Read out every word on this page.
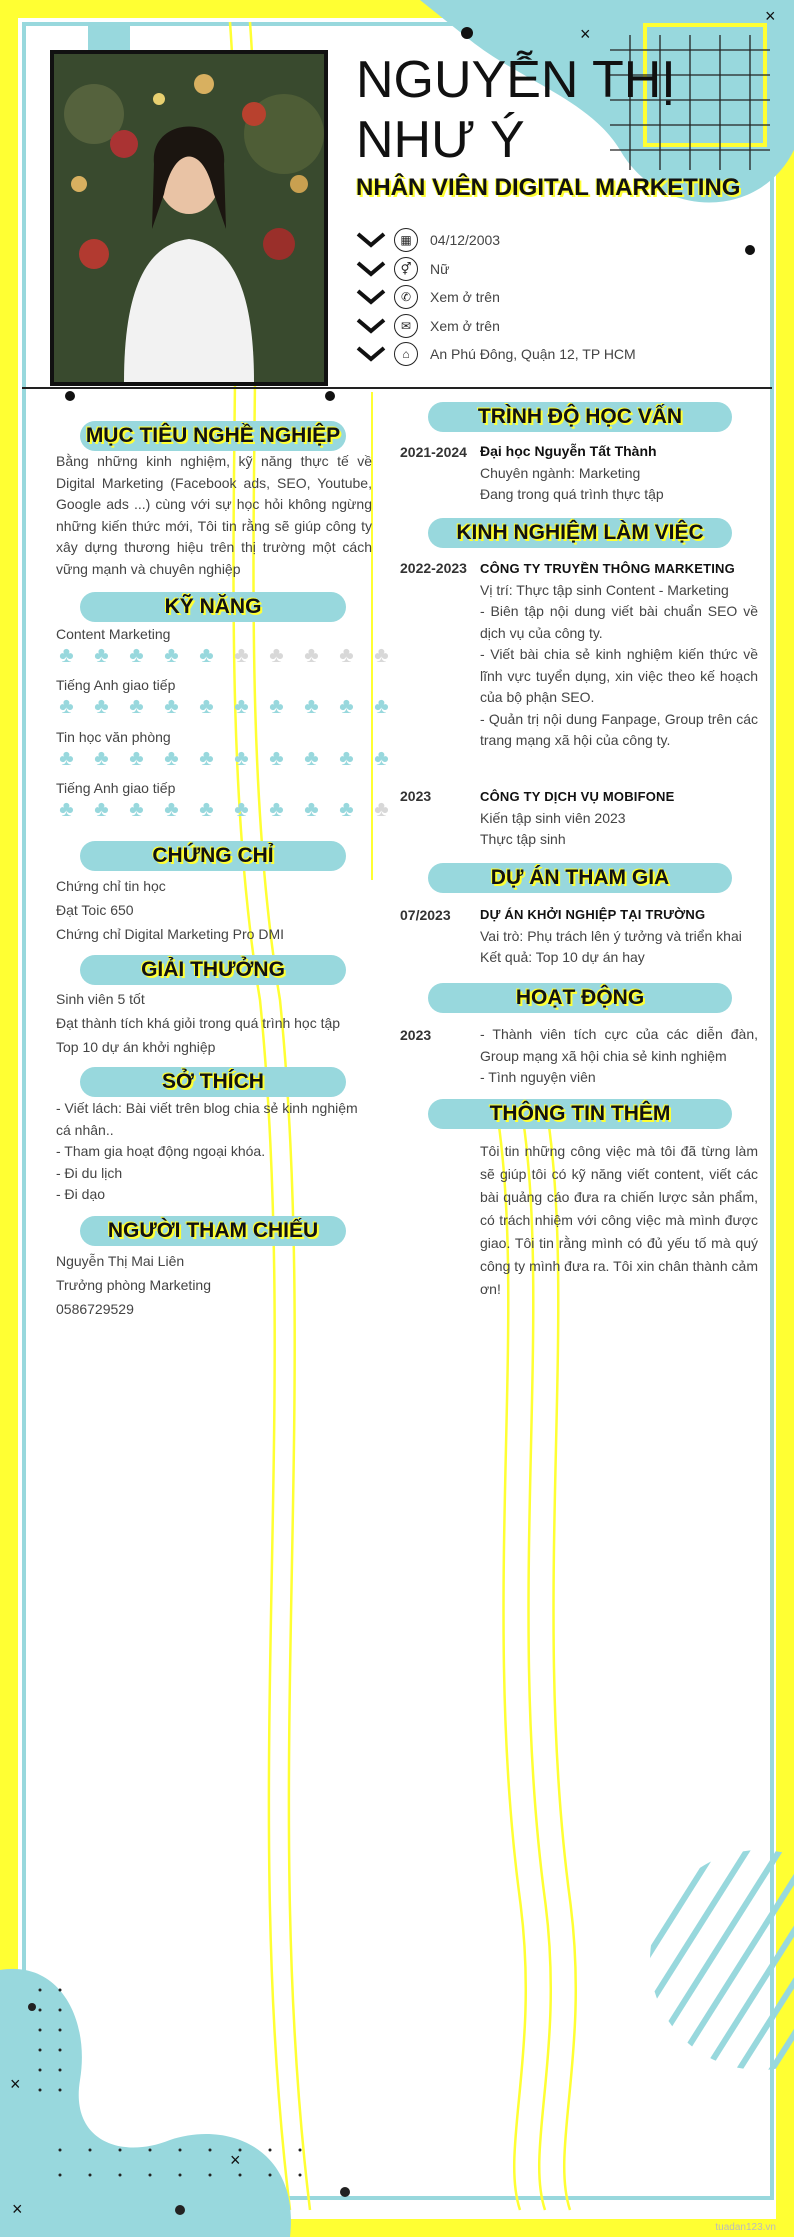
×
×
×
×
×
NGUYỄN THỊ
NHƯ Ý
NHÂN VIÊN DIGITAL MARKETING
▦	04/12/2003
⚥	Nữ
✆	Xem ở trên
✉	Xem ở trên
⌂	An Phú Đông, Quận 12, TP HCM
MỤC TIÊU NGHỀ NGHIỆP
Bằng những kinh nghiệm, kỹ năng thực tế về Digital Marketing (Facebook ads, SEO, Youtube, Google ads ...) cùng với sự học hỏi không ngừng những kiến thức mới, Tôi tin rằng sẽ giúp công ty xây dựng thương hiệu trên thị trường một cách vững mạnh và chuyên nghiệp
KỸ NĂNG
Content Marketing
♣ ♣ ♣ ♣ ♣ ♣ ♣ ♣ ♣ ♣
Tiếng Anh giao tiếp
♣ ♣ ♣ ♣ ♣ ♣ ♣ ♣ ♣ ♣
Tin học văn phòng
♣ ♣ ♣ ♣ ♣ ♣ ♣ ♣ ♣ ♣
Tiếng Anh giao tiếp
♣ ♣ ♣ ♣ ♣ ♣ ♣ ♣ ♣ ♣
CHỨNG CHỈ
Chứng chỉ tin học
Đạt Toic 650
Chứng chỉ Digital Marketing Pro DMI
GIẢI THƯỞNG
Sinh viên 5 tốt
Đạt thành tích khá giỏi trong quá trình học tập
Top 10 dự án khởi nghiệp
SỞ THÍCH
- Viết lách: Bài viết trên blog chia sẻ kinh nghiệm cá nhân..
- Tham gia hoạt động ngoại khóa.
- Đi du lịch
- Đi dạo
NGƯỜI THAM CHIẾU
Nguyễn Thị Mai Liên
Trưởng phòng Marketing
0586729529
TRÌNH ĐỘ HỌC VẤN
2021-2024 Đại học Nguyễn Tất Thành
Chuyên ngành: Marketing
Đang trong quá trình thực tập
KINH NGHIỆM LÀM VIỆC
2022-2023 CÔNG TY TRUYỀN THÔNG MARKETING
Vị trí: Thực tập sinh Content - Marketing
- Biên tập nội dung viết bài chuẩn SEO về dịch vụ của công ty.
- Viết bài chia sẻ kinh nghiệm kiến thức về lĩnh vực tuyển dụng, xin việc theo kế hoạch của bộ phận SEO.
- Quản trị nội dung Fanpage, Group trên các trang mạng xã hội của công ty.
2023	CÔNG TY DỊCH VỤ MOBIFONE
Kiến tập sinh viên 2023
Thực tập sinh
DỰ ÁN THAM GIA
07/2023 DỰ ÁN KHỞI NGHIỆP TẠI TRƯỜNG
Vai trò: Phụ trách lên ý tưởng và triển khai
Kết quả: Top 10 dự án hay
HOẠT ĐỘNG
2023	- Thành viên tích cực của các diễn đàn, Group mạng xã hội chia sẻ kinh nghiệm
- Tình nguyện viên
THÔNG TIN THÊM
Tôi tin những công việc mà tôi đã từng làm sẽ giúp tôi có kỹ năng viết content, viết các bài quảng cáo đưa ra chiến lược sản phẩm, có trách nhiệm với công việc mà mình được giao. Tôi tin rằng mình có đủ yếu tố mà quý công ty mình đưa ra. Tôi xin chân thành cảm ơn!
tuadan123.vn
